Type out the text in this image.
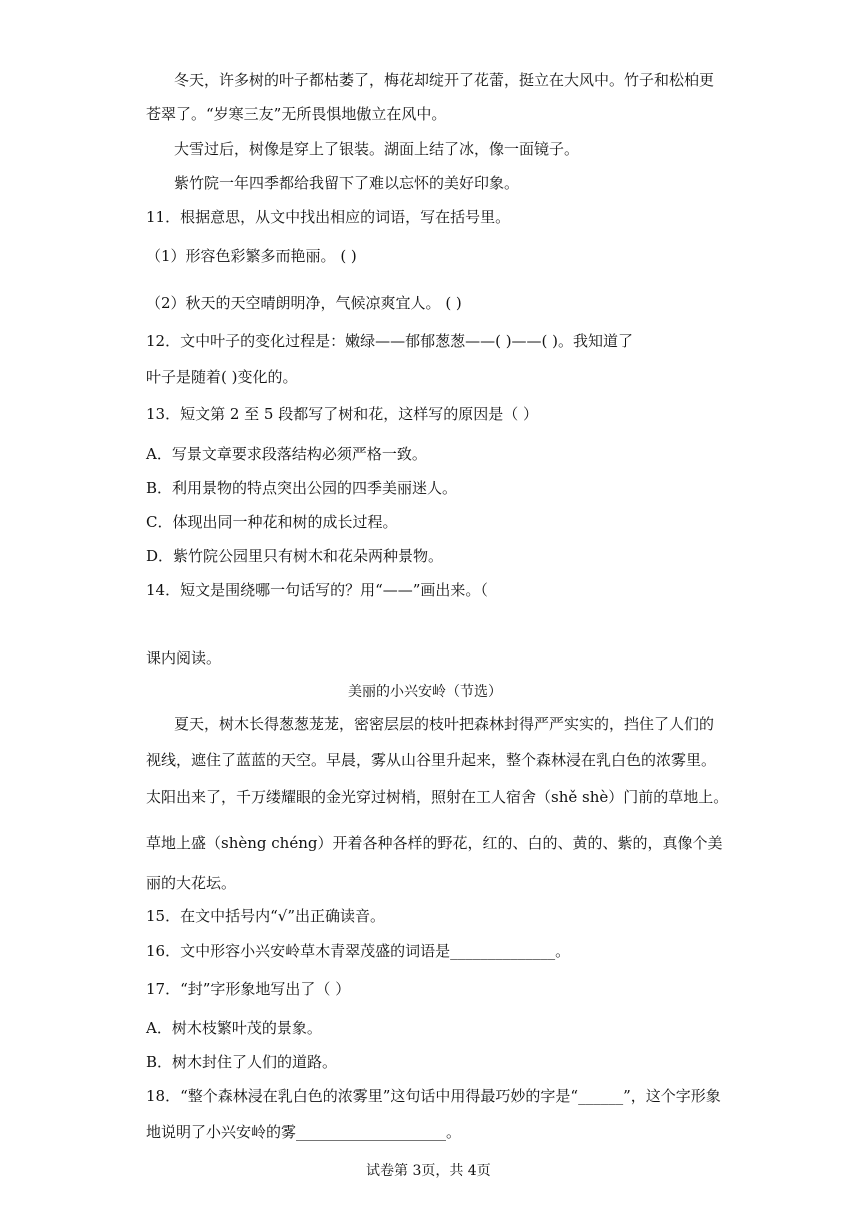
冬天，许多树的叶子都枯萎了，梅花却绽开了花蕾，挺立在大风中。竹子和松柏更
苍翠了。“岁寒三友”无所畏惧地傲立在风中。
大雪过后，树像是穿上了银装。湖面上结了冰，像一面镜子。
紫竹院一年四季都给我留下了难以忘怀的美好印象。
11．根据意思，从文中找出相应的词语，写在括号里。
（1）形容色彩繁多而艳丽。 ( )
（2）秋天的天空晴朗明净，气候凉爽宜人。 ( )
12．文中叶子的变化过程是：嫩绿——郁郁葱葱——( )——( )。我知道了
叶子是随着( )变化的。
13．短文第 2 至 5 段都写了树和花，这样写的原因是（ ）
A．写景文章要求段落结构必须严格一致。
B．利用景物的特点突出公园的四季美丽迷人。
C．体现出同一种花和树的成长过程。
D．紫竹院公园里只有树木和花朵两种景物。
14．短文是围绕哪一句话写的？用“——”画出来。（
课内阅读。
美丽的小兴安岭（节选）
夏天，树木长得葱葱茏茏，密密层层的枝叶把森林封得严严实实的，挡住了人们的
视线，遮住了蓝蓝的天空。早晨，雾从山谷里升起来，整个森林浸在乳白色的浓雾里。
太阳出来了，千万缕耀眼的金光穿过树梢，照射在工人宿舍（shě shè）门前的草地上。
草地上盛（shèng chéng）开着各种各样的野花，红的、白的、黄的、紫的，真像个美
丽的大花坛。
15．在文中括号内“√”出正确读音。
16．文中形容小兴安岭草木青翠茂盛的词语是______________。
17．“封”字形象地写出了（ ）
A．树木枝繁叶茂的景象。
B．树木封住了人们的道路。
18．“整个森林浸在乳白色的浓雾里”这句话中用得最巧妙的字是“______”，这个字形象
地说明了小兴安岭的雾____________________。
试卷第 3页，共 4页
